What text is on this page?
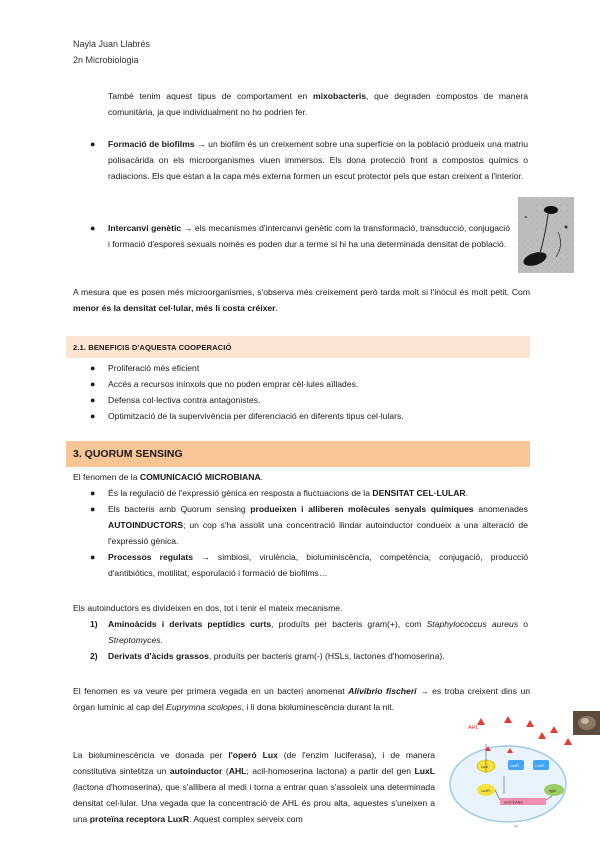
Nayla Juan Llabrés
2n Microbiologia
També tenim aquest tipus de comportament en mixobacteris, que degraden compostos de manera comunitària, ja que individualment no ho podrien fer.
● Formació de biofilms → un biofilm és un creixement sobre una superfície on la població produeix una matriu polisacàrida on els microorganismes viuen immersos. Els dona protecció front a compostos químics o radiacions. Els que estan a la capa més externa formen un escut protector pels que estan creixent a l'interior.
● Intercanvi genètic → els mecanismes d'intercanvi genètic com la transformació, transducció, conjugació i formació d'espores sexuals només es poden dur a terme si hi ha una determinada densitat de població.
A mesura que es posen més microorganismes, s'observa més creixement però tarda molt si l'inòcul és molt petit. Com menor és la densitat cel·lular, més li costa créixer.
2.1. BENEFICIS D'AQUESTA COOPERACIÓ
● Proliferació més eficient
● Accés a recursos inínxols que no poden emprar cèl·lules aïllades.
● Defensa col·lectiva contra antagonistes.
● Optimització de la supervivència per diferenciació en diferents tipus cel·lulars.
3. QUORUM SENSING
El fenomen de la COMUNICACIÓ MICROBIANA.
● És la regulació de l'expressió gènica en resposta a fluctuacions de la DENSITAT CEL·LULAR.
● Els bacteris amb Quorum sensing produeixen i alliberen molècules senyals químiques anomenades AUTOINDUCTORS; un cop s'ha assolit una concentració llindar autoinductor condueix a una alteració de l'expressió gènica.
● Processos regulats → simbiosi, virulència, bioluminiscència, competència, conjugació, producció d'antibiòtics, motilitat, esporulació i formació de biofilms…
Els autoinductors es divideixen en dos, tot i tenir el mateix mecanisme.
1) Aminoàcids i derivats peptídics curts, produïts per bacteris gram(+), com Staphylococcus aureus o Streptomyces.
2) Derivats d'àcids grassos, produïts per bacteris gram(-) (HSLs, lactones d'homoserina).
El fenomen es va veure per primera vegada en un bacteri anomenat Alivibrio fischeri → es troba creixent dins un òrgan lumínic al cap del Euprymna scolopes, i li dona bioluminescència durant la nit.
La bioluminescència ve donada per l'operó Lux (de l'enzim luciferasa), i de manera constitutiva sintetitza un autoinductor (AHL; acil-homoserina lactona) a partir del gen LuxL (lactona d'homoserina), que s'allibera al medi i torna a entrar quan s'assoleix una determinada densitat cel·lular. Una vegada que la concentració de AHL és prou alta, aquestes s'uneixen a una proteïna receptora LuxR. Aquest complex serveix com
AHL
LuxI	LuxR	LuxR
LuxR	light
luxICDABE
pp
